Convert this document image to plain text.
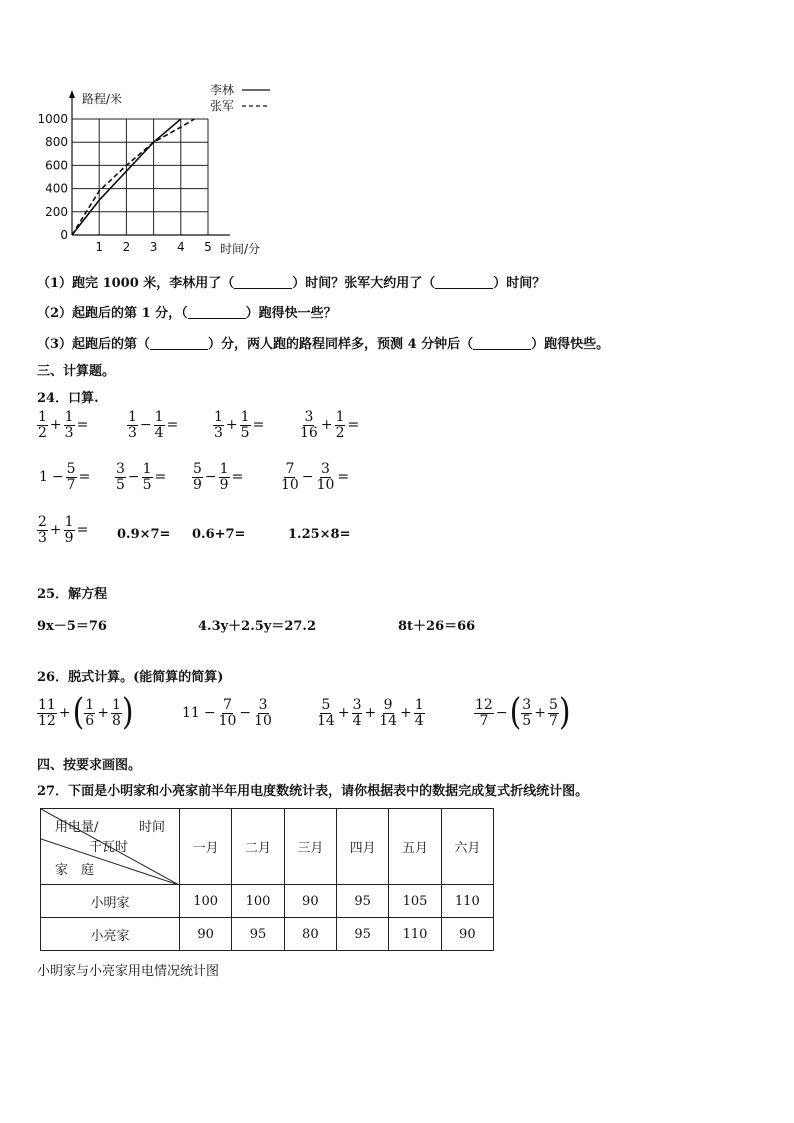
200
400
600
800
1000
0
1 2 3 4 5 时间/分
路程/米
李林
张军
（1）跑完 1000 米，李林用了（	）时间？张军大约用了（	）时间？
（2）起跑后的第 1 分，（	）跑得快一些？
（3）起跑后的第（	）分，两人跑的路程同样多，预测 4 分钟后（	）跑得快些。
三、计算题。
24．口算.
$\frac{1}{2} + \frac{1}{3}$ =	$\frac{1}{3} - \frac{1}{4} = \frac{1}{3} + \frac{1}{5} = \frac{3}{16} + \frac{1}{2}$ =
$1 - \frac{5}{7} = \frac{3}{5} - \frac{1}{5} = \frac{5}{9} - \frac{1}{9}$ =	$\frac{7}{10} - \frac{3}{10}$ =
$\frac{2}{3} + \frac{1}{9} = 0.9\times 7= 0.6+7=$	1.25×8=
25．解方程
9x－5＝76	4.3y＋2.5y＝27.2	8t＋26＝66
26．脱式计算。(能简算的简算)
$\frac{11}{12}$ + ( $\frac{1}{6} + \frac{1}{8}$ )	$11 - \frac{7}{10} - \frac{3}{10}$	$\frac{5}{14} + \frac{3}{4} + \frac{9}{14} + \frac{1}{4}$	$\frac{12}{7}$ − ( $\frac{3}{5} + \frac{5}{7}$ )
四、按要求画图。
27．下面是小明家和小亮家前半年用电度数统计表，请你根据表中的数据完成复式折线统计图。
用电量/ 时间
千瓦时
家　庭	一月	二月	三月	四月	五月	六月
小明家	100	100	90	95	105	110
小亮家	90	95	80	95	110	90
小明家与小亮家用电情况统计图
